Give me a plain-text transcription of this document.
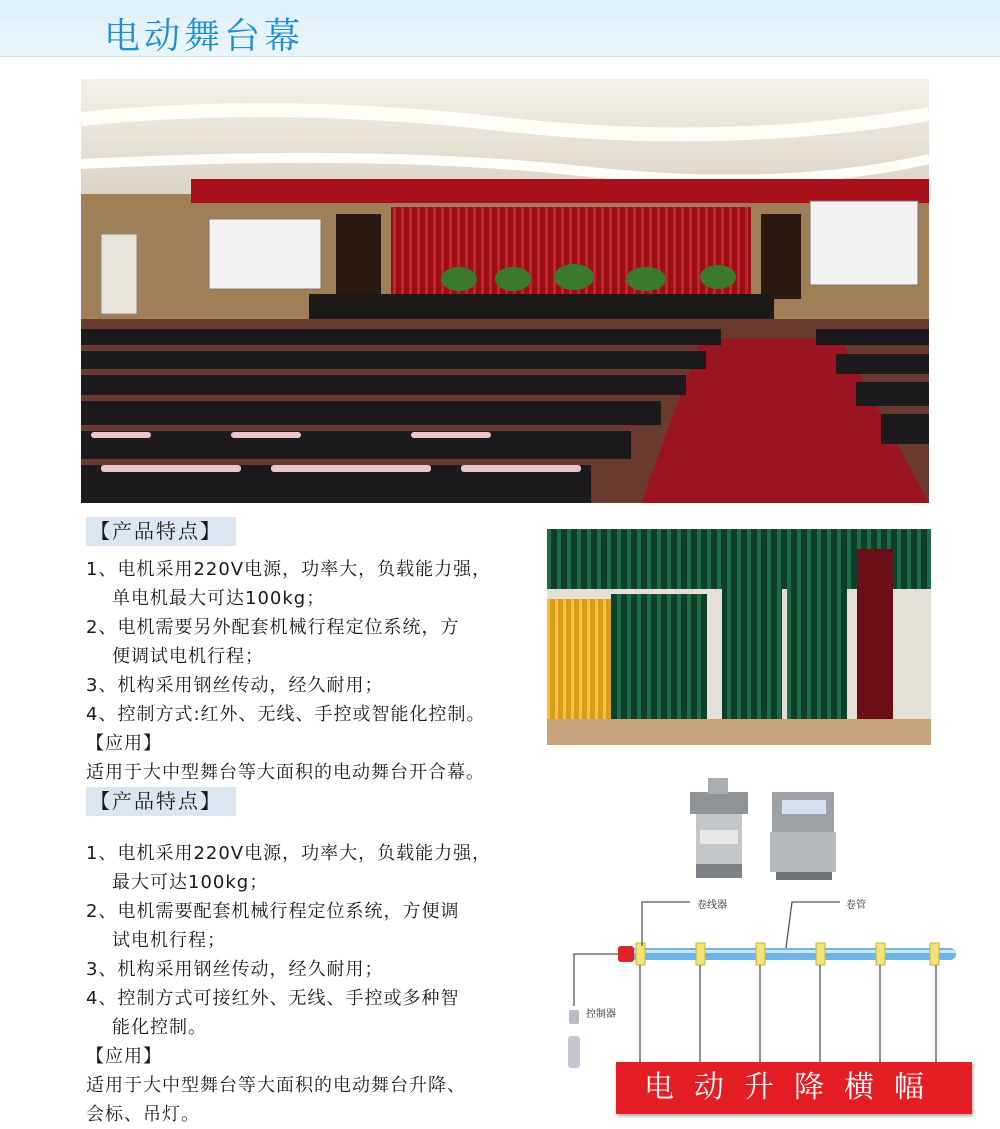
电动舞台幕
【产品特点】
1、电机采用220V电源，功率大，负载能力强，
单电机最大可达100kg；
2、电机需要另外配套机械行程定位系统，方
便调试电机行程；
3、机构采用钢丝传动，经久耐用；
4、控制方式:红外、无线、手控或智能化控制。
【应用】
适用于大中型舞台等大面积的电动舞台开合幕。
【产品特点】
1、电机采用220V电源，功率大，负载能力强，
最大可达100kg；
2、电机需要配套机械行程定位系统，方便调
试电机行程；
3、机构采用钢丝传动，经久耐用；
4、控制方式可接红外、无线、手控或多种智
能化控制。
【应用】
适用于大中型舞台等大面积的电动舞台升降、
会标、吊灯。
卷线器	卷管
控制器
电动升降横幅
